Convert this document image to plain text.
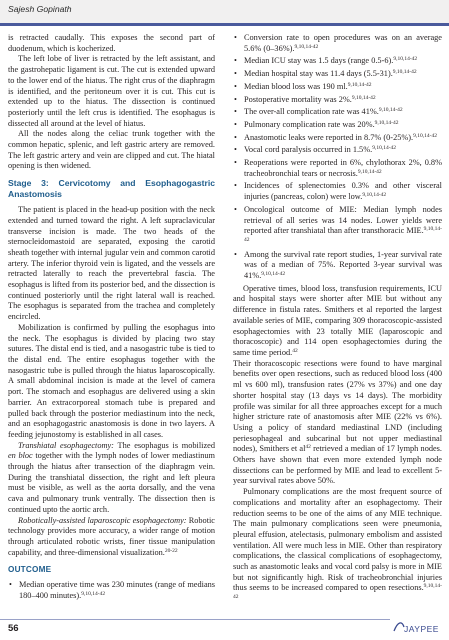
Sajesh Gopinath

is retracted caudally. This exposes the second part of duodenum, which is kocherized.

The left lobe of liver is retracted by the left assistant, and the gastrohepatic ligament is cut. The cut is extended upward to the lower end of the hiatus. The right crus of the diaphragm is identified, and the peritoneum over it is cut. This cut is extended up to the hiatus. The dissection is continued posteriorly until the left crus is identified. The esophagus is dissected all around at the level of hiatus.

All the nodes along the celiac trunk together with the common hepatic, splenic, and left gastric artery are removed. The left gastric artery and vein are clipped and cut. The hiatal opening is then widened.

Stage 3: Cervicotomy and Esophagogastric Anastomosis

The patient is placed in the head-up position with the neck extended and turned toward the right. A left supraclavicular transverse incision is made. The two heads of the sternocleidomastoid are separated, exposing the carotid sheath together with internal jugular vein and common carotid artery. The inferior thyroid vein is ligated, and the vessels are retracted laterally to reach the prevertebral fascia. The esophagus is lifted from its posterior bed, and the dissection is continued posteriorly until the right lateral wall is reached. The esophagus is separated from the trachea and completely encircled.

Mobilization is confirmed by pulling the esophagus into the neck. The esophagus is divided by placing two stay sutures. The distal end is tied, and a nasogastric tube is tied to the distal end. The entire esophagus together with the nasogastric tube is pulled through the hiatus laparoscopically. A small abdominal incision is made at the level of camera port. The stomach and esophagus are delivered using a skin barrier. An extracorporeal stomach tube is prepared and pulled back through the posterior mediastinum into the neck, and an esophagogastric anastomosis is done in two layers. A feeding jejunostomy is established in all cases.

Transhiatal esophagectomy: The esophagus is mobilized en bloc together with the lymph nodes of lower mediastinum through the hiatus after transection of the diaphragm vein. During the transhiatal dissection, the right and left pleura must be visible, as well as the aorta dorsally, and the vena cava and pulmonary trunk ventrally. The dissection then is continued upto the aortic arch.

Robotically-assisted laparoscopic esophagectomy: Robotic technology provides more accuracy, a wider range of motion through articulated robotic wrists, finer tissue manipulation capability, and three-dimensional visualization.$^{20-22}$

OUTCOME
• Median operative time was 230 minutes (range of medians 180–400 minutes).$^{9,10,14-42}$
• Conversion rate to open procedures was on an average 5.6% (0–36%).$^{9,10,14-42}$
• Median ICU stay was 1.5 days (range 0.5-6).$^{9,10,14-42}$
• Median hospital stay was 11.4 days (5.5-31).$^{9,10,14-42}$
• Median blood loss was 190 ml.$^{9,10,14-42}$
• Postoperative mortality was 2%.$^{9,10,14-42}$
• The over-all complication rate was 41%.$^{9,10,14-42}$
• Pulmonary complication rate was 20%.$^{9,10,14-42}$
• Anastomotic leaks were reported in 8.7% (0-25%).$^{9,10,14-42}$
• Vocal cord paralysis occurred in 1.5%.$^{9,10,14-42}$
• Reoperations were reported in 6%, chylothorax 2%, 0.8% tracheobronchial tears or necrosis.$^{9,10,14-42}$
• Incidences of splenectomies 0.3% and other visceral injuries (pancreas, colon) were low.$^{9,10,14-42}$
• Oncological outcome of MIE: Median lymph nodes retrieval of all series was 14 nodes. Lower yields were reported after transhiatal than after transthoracic MIE.$^{9,10,14-42}$
• Among the survival rate report studies, 1-year survival rate was of a median of 75%. Reported 3-year survival was 41%.$^{9,10,14-42}$

Operative times, blood loss, transfusion requirements, ICU and hospital stays were shorter after MIE but without any difference in fistula rates. Smithers et al reported the largest available series of MIE, comparing 309 thoracoscopic-assisted esophagectomies with 23 totally MIE (laparoscopic and thoracoscopic) and 114 open esophagectomies during the same time period.$^{42}$

Their thoracoscopic resections were found to have marginal benefits over open resections, such as reduced blood loss (400 ml vs 600 ml), transfusion rates (27% vs 37%) and one day shorter hospital stay (13 days vs 14 days). The morbidity profile was similar for all three approaches except for a much higher stricture rate of anastomosis after MIE (22% vs 6%). Using a policy of standard mediastinal LND (including periesophageal and subcarinal but not upper mediastinal nodes), Smithers et $al^{42}$ retrieved a median of 17 lymph nodes. Others have shown that even more extended lymph node dissections can be performed by MIE and lead to excellent 5-year survival rates above 50%.

Pulmonary complications are the most frequent source of complications and mortality after an esophagectomy. Their reduction seems to be one of the aims of any MIE technique. The main pulmonary complications seen were pneumonia, pleural effusion, atelectasis, pulmonary embolism and assisted ventilation. All were much less in MIE. Other than respiratory complications, the classical complications of esophagectomy, such as anastomotic leaks and vocal cord palsy is more in MIE but not significantly high. Risk of tracheobronchial injuries thus seems to be increased compared to open resections.$^{9,10,14-42}$

56	JAYPEE
